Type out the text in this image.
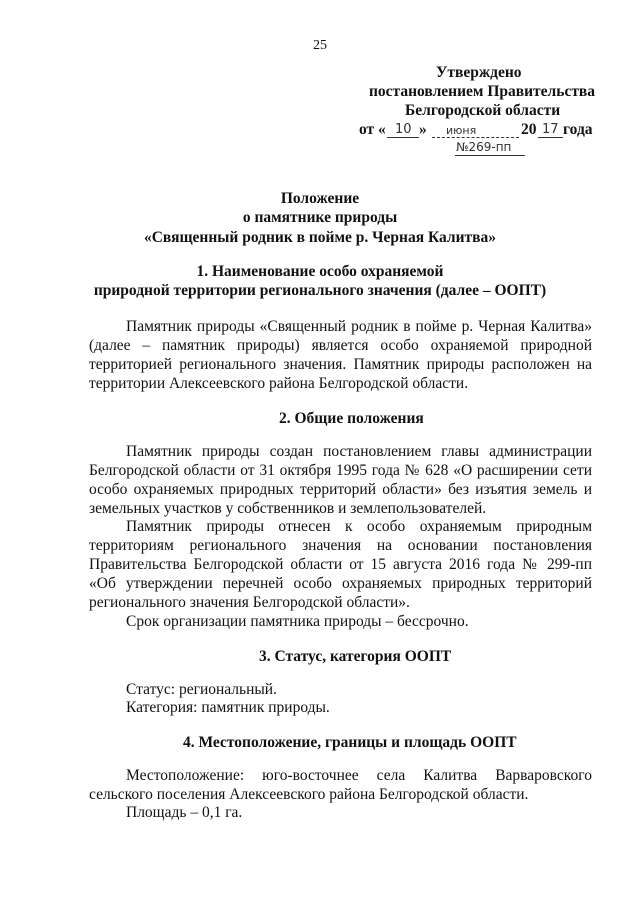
25
Утверждено
постановлением Правительства
Белгородской области
от « 10 » июня	20 17 года
№269-пп
Положение
о памятнике природы
«Священный родник в пойме р. Черная Калитва»
1. Наименование особо охраняемой
природной территории регионального значения (далее – ООПТ)
Памятник природы «Священный родник в пойме р. Черная Калитва»
(далее – памятник природы) является особо охраняемой природной
территорией регионального значения. Памятник природы расположен на
территории Алексеевского района Белгородской области.
2. Общие положения
Памятник природы создан постановлением главы администрации
Белгородской области от 31 октября 1995 года № 628 «О расширении сети
особо охраняемых природных территорий области» без изъятия земель и
земельных участков у собственников и землепользователей.
Памятник природы отнесен к особо охраняемым природным
территориям регионального значения на основании постановления
Правительства Белгородской области от 15 августа 2016 года № 299-пп
«Об утверждении перечней особо охраняемых природных территорий
регионального значения Белгородской области».
Срок организации памятника природы – бессрочно.
3. Статус, категория ООПТ
Статус: региональный.
Категория: памятник природы.
4. Местоположение, границы и площадь ООПТ
Местоположение: юго-восточнее села Калитва Варваровского
сельского поселения Алексеевского района Белгородской области.
Площадь – 0,1 га.
